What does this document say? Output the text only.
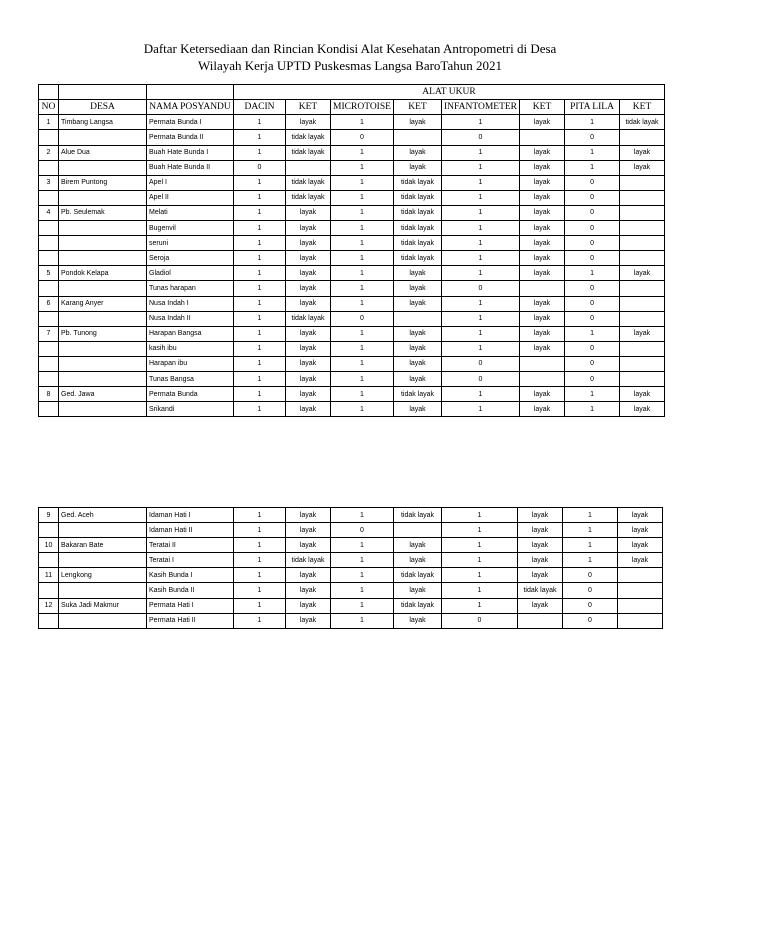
Daftar Ketersediaan dan Rincian Kondisi Alat Kesehatan Antropometri di Desa
Wilayah Kerja UPTD Puskesmas Langsa BaroTahun 2021
			ALAT UKUR							
NO	DESA	NAMA POSYANDU	DACIN	KET	MICROTOISE	KET	INFANTOMETER	KET	PITA LILA	KET
1	Timbang Langsa	Permata Bunda I	1	layak	1	layak	1	layak	1	tidak layak
		Permata Bunda II	1	tidak layak	0		0		0	
2	Alue Dua	Buah Hate Bunda I	1	tidak layak	1	layak	1	layak	1	layak
		Buah Hate Bunda II	0		1	layak	1	layak	1	layak
3	Birem Puntong	Apel I	1	tidak layak	1	tidak layak	1	layak	0	
		Apel II	1	tidak layak	1	tidak layak	1	layak	0	
4	Pb. Seulemak	Melati	1	layak	1	tidak layak	1	layak	0	
		Bugenvil	1	layak	1	tidak layak	1	layak	0	
		seruni	1	layak	1	tidak layak	1	layak	0	
		Seroja	1	layak	1	tidak layak	1	layak	0	
5	Pondok Kelapa	Gladiol	1	layak	1	layak	1	layak	1	layak
		Tunas harapan	1	layak	1	layak	0		0	
6	Karang Anyer	Nusa Indah I	1	layak	1	layak	1	layak	0	
		Nusa Indah II	1	tidak layak	0		1	layak	0	
7	Pb. Tunong	Harapan Bangsa	1	layak	1	layak	1	layak	1	layak
		kasih ibu	1	layak	1	layak	1	layak	0	
		Harapan ibu	1	layak	1	layak	0		0	
		Tunas Bangsa	1	layak	1	layak	0		0	
8	Ged. Jawa	Permata Bunda	1	layak	1	tidak layak	1	layak	1	layak
		Srikandi	1	layak	1	layak	1	layak	1	layak
9	Ged. Aceh	Idaman Hati I	1	layak	1	tidak layak	1	layak	1	layak
		Idaman Hati II	1	layak	0		1	layak	1	layak
10	Bakaran Bate	Teratai II	1	layak	1	layak	1	layak	1	layak
		Teratai I	1	tidak layak	1	layak	1	layak	1	layak
11	Lengkong	Kasih Bunda I	1	layak	1	tidak layak	1	layak	0	
		Kasih Bunda II	1	layak	1	layak	1	tidak layak	0	
12	Suka Jadi Makmur	Permata Hati I	1	layak	1	tidak layak	1	layak	0	
		Permata Hati II	1	layak	1	layak	0		0	
